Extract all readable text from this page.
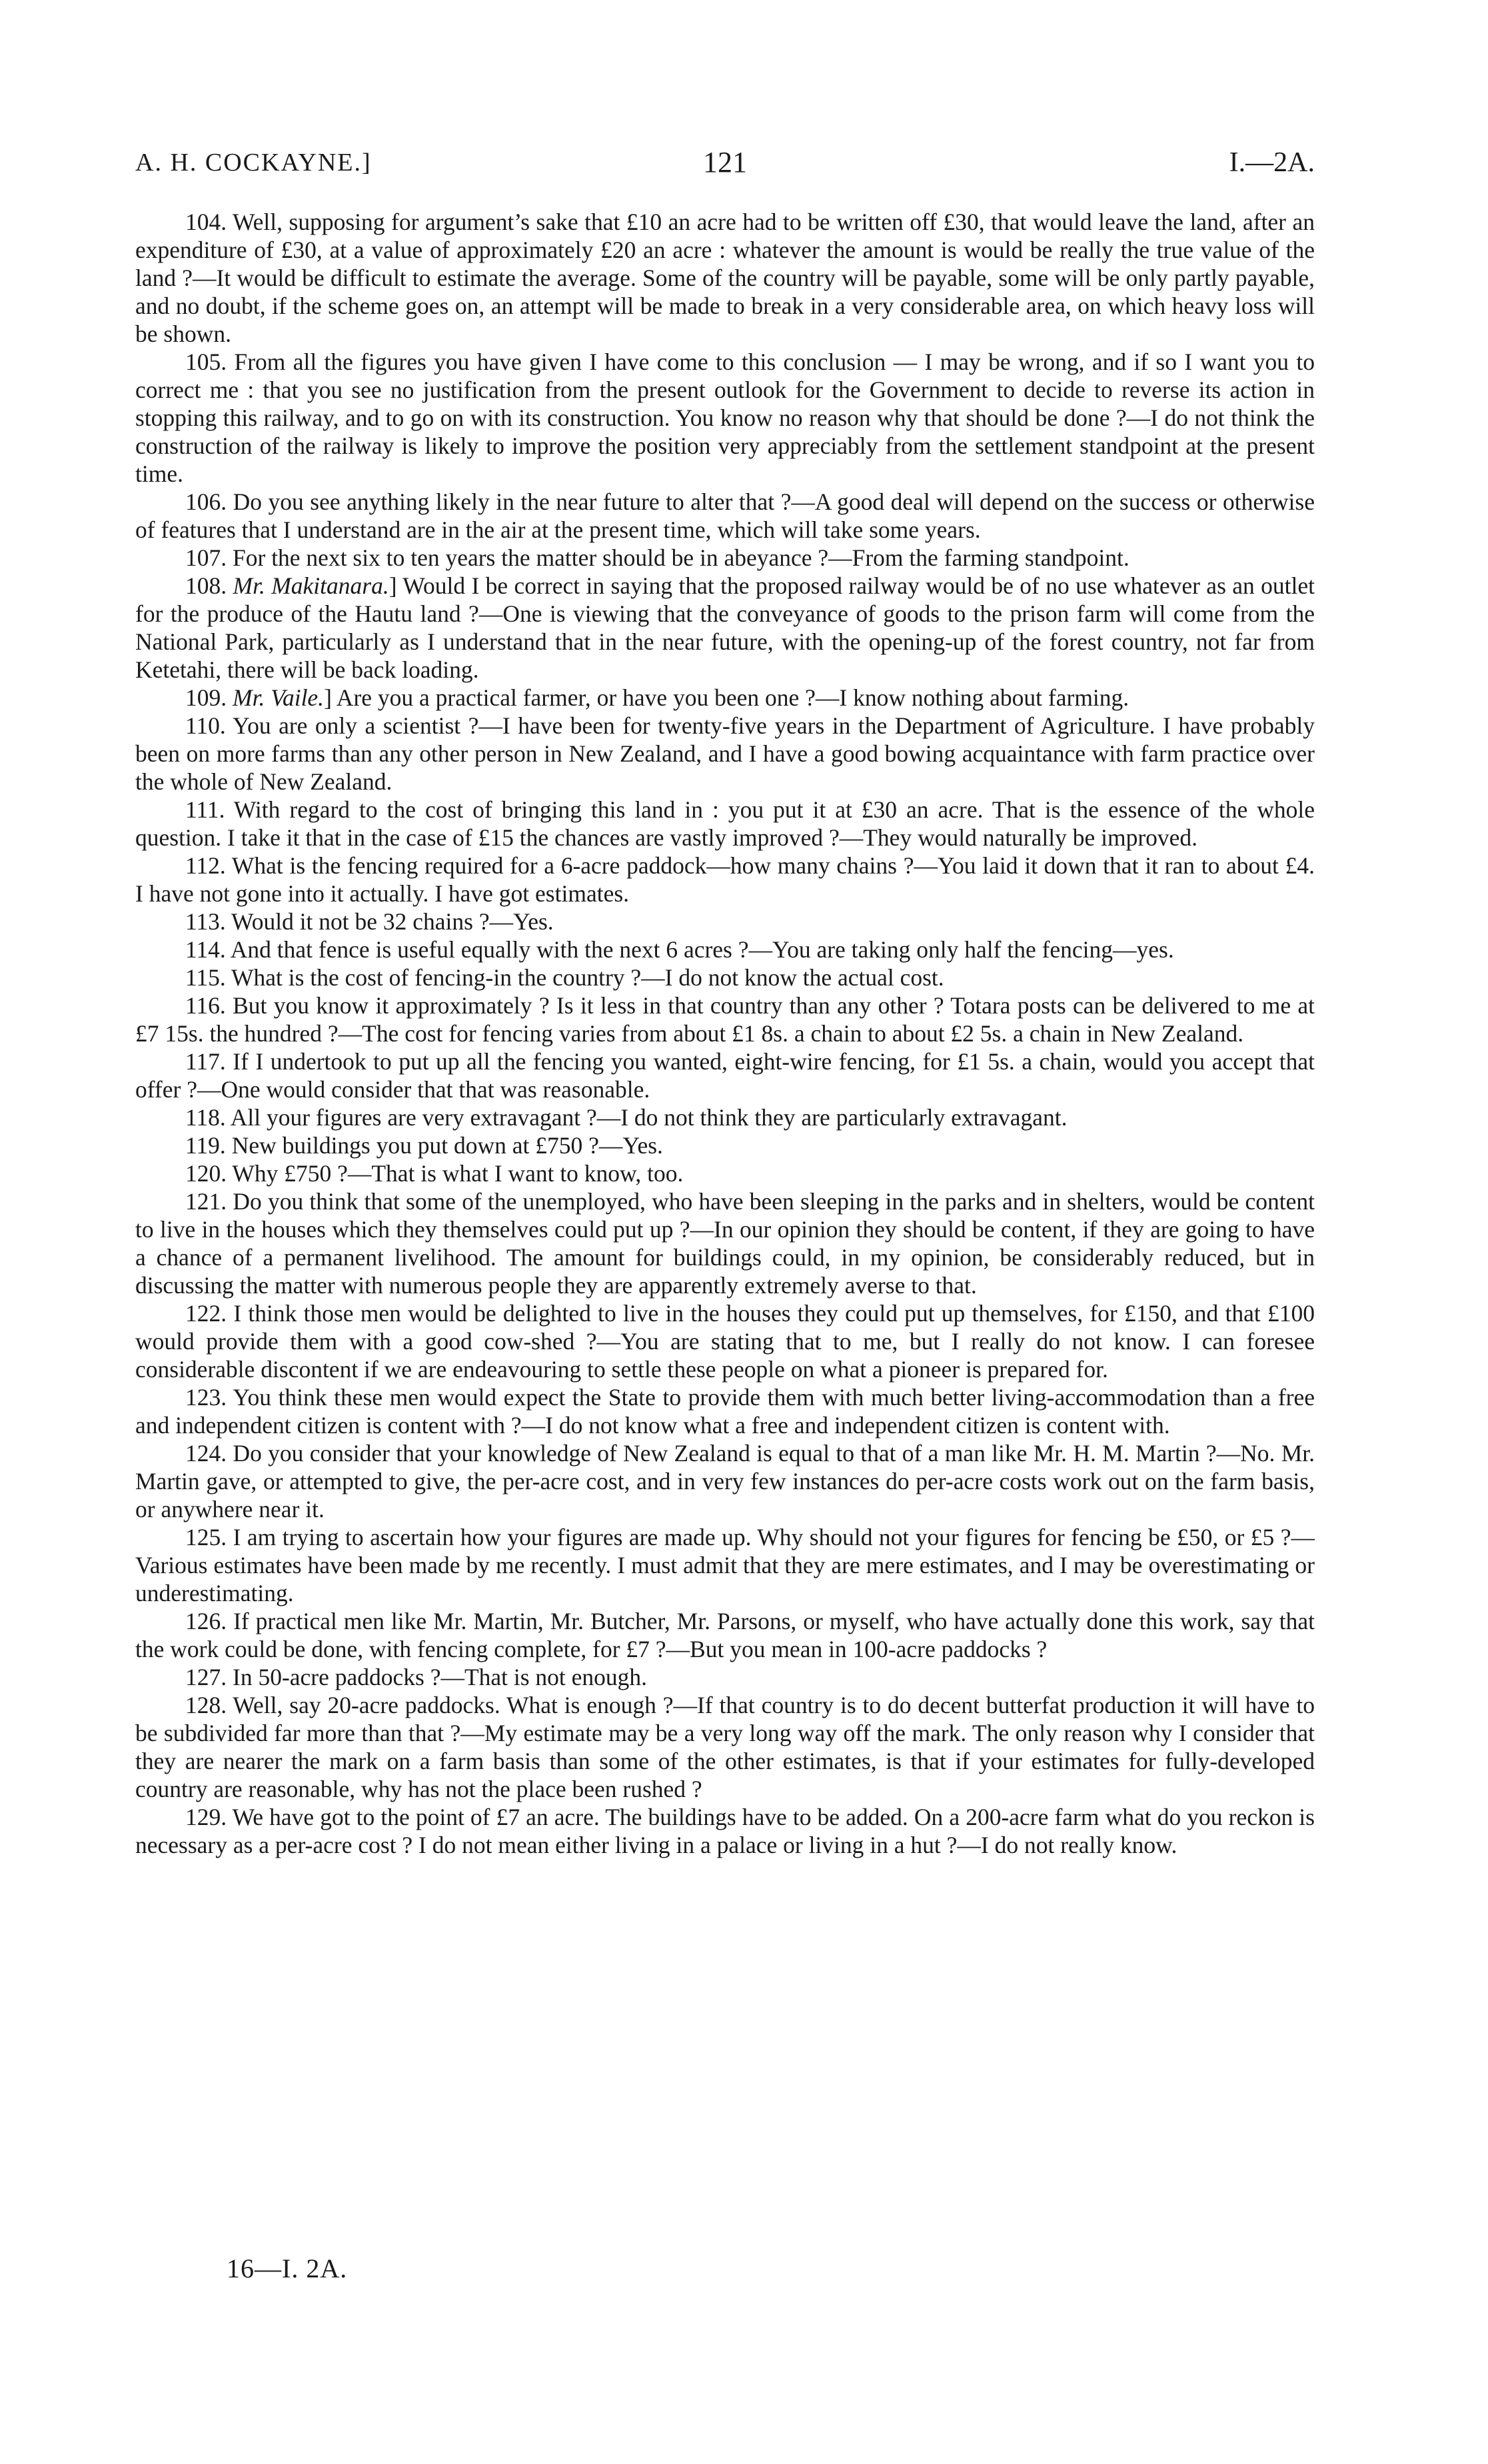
A. H. COCKAYNE.]	121	I.—2A.

104. Well, supposing for argument’s sake that £10 an acre had to be written off £30, that would leave the land, after an expenditure of £30, at a value of approximately £20 an acre : whatever the amount is would be really the true value of the land ?—It would be difficult to estimate the average. Some of the country will be payable, some will be only partly payable, and no doubt, if the scheme goes on, an attempt will be made to break in a very considerable area, on which heavy loss will be shown.

105. From all the figures you have given I have come to this conclusion — I may be wrong, and if so I want you to correct me : that you see no justification from the present outlook for the Government to decide to reverse its action in stopping this railway, and to go on with its construction. You know no reason why that should be done ?—I do not think the construction of the railway is likely to improve the position very appreciably from the settlement standpoint at the present time.

106. Do you see anything likely in the near future to alter that ?—A good deal will depend on the success or otherwise of features that I understand are in the air at the present time, which will take some years.

107. For the next six to ten years the matter should be in abeyance ?—From the farming standpoint.

108. Mr. Makitanara.] Would I be correct in saying that the proposed railway would be of no use whatever as an outlet for the produce of the Hautu land ?—One is viewing that the conveyance of goods to the prison farm will come from the National Park, particularly as I understand that in the near future, with the opening-up of the forest country, not far from Ketetahi, there will be back loading.

109. Mr. Vaile.] Are you a practical farmer, or have you been one ?—I know nothing about farming.

110. You are only a scientist ?—I have been for twenty-five years in the Department of Agriculture. I have probably been on more farms than any other person in New Zealand, and I have a good bowing acquaintance with farm practice over the whole of New Zealand.

111. With regard to the cost of bringing this land in : you put it at £30 an acre. That is the essence of the whole question. I take it that in the case of £15 the chances are vastly improved ?—They would naturally be improved.

112. What is the fencing required for a 6-acre paddock—how many chains ?—You laid it down that it ran to about £4. I have not gone into it actually. I have got estimates.

113. Would it not be 32 chains ?—Yes.

114. And that fence is useful equally with the next 6 acres ?—You are taking only half the fencing—yes.

115. What is the cost of fencing-in the country ?—I do not know the actual cost.

116. But you know it approximately ? Is it less in that country than any other ? Totara posts can be delivered to me at £7 15s. the hundred ?—The cost for fencing varies from about £1 8s. a chain to about £2 5s. a chain in New Zealand.

117. If I undertook to put up all the fencing you wanted, eight-wire fencing, for £1 5s. a chain, would you accept that offer ?—One would consider that that was reasonable.

118. All your figures are very extravagant ?—I do not think they are particularly extravagant.

119. New buildings you put down at £750 ?—Yes.

120. Why £750 ?—That is what I want to know, too.

121. Do you think that some of the unemployed, who have been sleeping in the parks and in shelters, would be content to live in the houses which they themselves could put up ?—In our opinion they should be content, if they are going to have a chance of a permanent livelihood. The amount for buildings could, in my opinion, be considerably reduced, but in discussing the matter with numerous people they are apparently extremely averse to that.

122. I think those men would be delighted to live in the houses they could put up themselves, for £150, and that £100 would provide them with a good cow-shed ?—You are stating that to me, but I really do not know. I can foresee considerable discontent if we are endeavouring to settle these people on what a pioneer is prepared for.

123. You think these men would expect the State to provide them with much better living-accommodation than a free and independent citizen is content with ?—I do not know what a free and independent citizen is content with.

124. Do you consider that your knowledge of New Zealand is equal to that of a man like Mr. H. M. Martin ?—No. Mr. Martin gave, or attempted to give, the per-acre cost, and in very few instances do per-acre costs work out on the farm basis, or anywhere near it.

125. I am trying to ascertain how your figures are made up. Why should not your figures for fencing be £50, or £5 ?—Various estimates have been made by me recently. I must admit that they are mere estimates, and I may be overestimating or underestimating.

126. If practical men like Mr. Martin, Mr. Butcher, Mr. Parsons, or myself, who have actually done this work, say that the work could be done, with fencing complete, for £7 ?—But you mean in 100-acre paddocks ?

127. In 50-acre paddocks ?—That is not enough.

128. Well, say 20-acre paddocks. What is enough ?—If that country is to do decent butterfat production it will have to be subdivided far more than that ?—My estimate may be a very long way off the mark. The only reason why I consider that they are nearer the mark on a farm basis than some of the other estimates, is that if your estimates for fully-developed country are reasonable, why has not the place been rushed ?

129. We have got to the point of £7 an acre. The buildings have to be added. On a 200-acre farm what do you reckon is necessary as a per-acre cost ? I do not mean either living in a palace or living in a hut ?—I do not really know.

16—I. 2A.
